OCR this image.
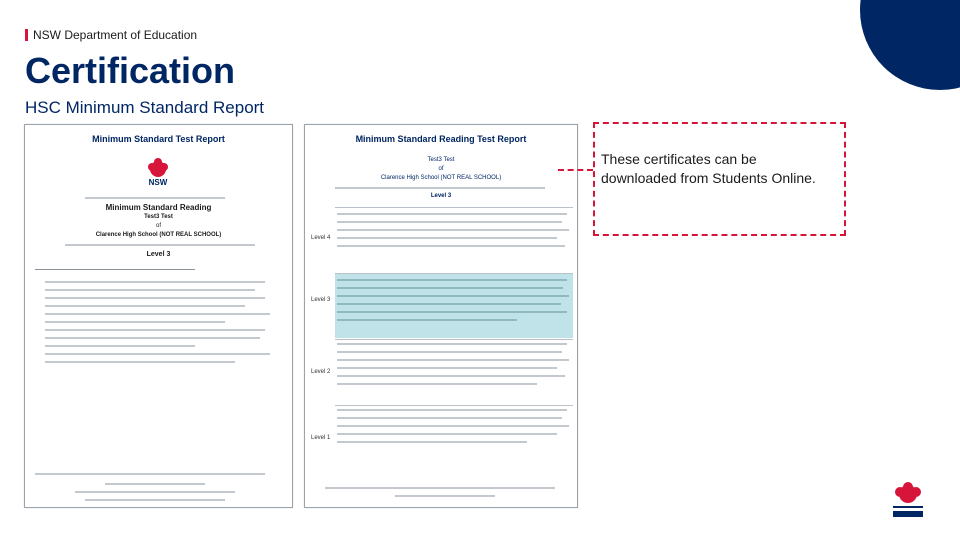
NSW Department of Education
Certification
HSC Minimum Standard Report
Minimum Standard Test Report
NSW
Minimum Standard Reading
Test3 Test
of
Clarence High School (NOT REAL SCHOOL)
Level 3
Minimum Standard Reading Test Report
Test3 Test
of
Clarence High School (NOT REAL SCHOOL)
Level 3
Level 4
Level 3
Level 2
Level 1
These certificates can be downloaded from Students Online.
